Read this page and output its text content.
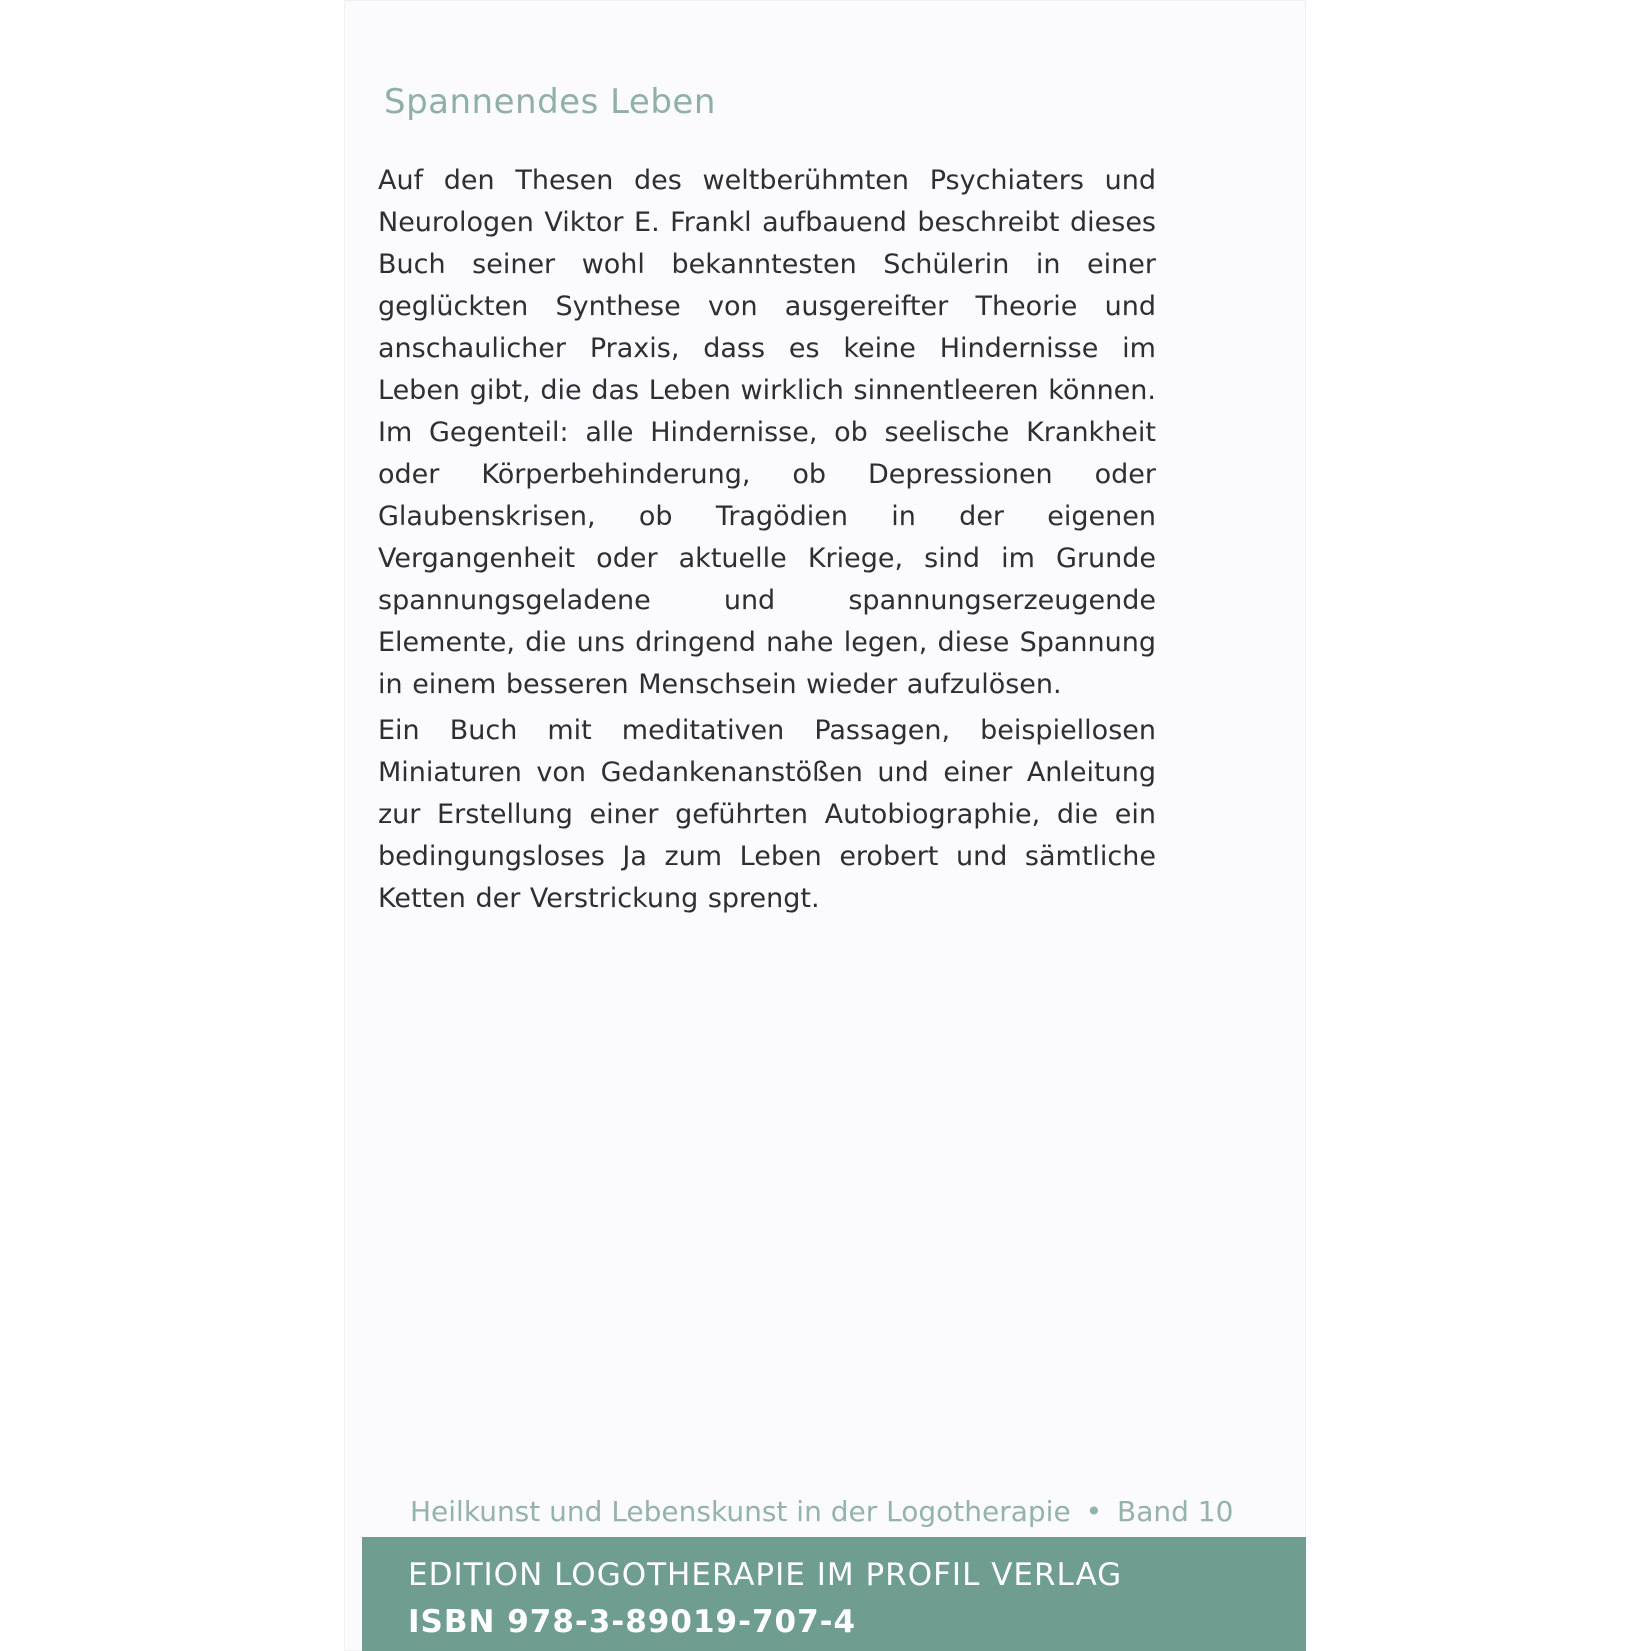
Spannendes Leben

Auf den Thesen des weltberühmten Psychiaters und Neurologen Viktor E. Frankl aufbauend beschreibt dieses Buch seiner wohl bekanntesten Schülerin in einer geglückten Synthese von ausgereifter Theorie und anschaulicher Praxis, dass es keine Hindernisse im Leben gibt, die das Leben wirklich sinnentleeren können. Im Gegenteil: alle Hindernisse, ob seelische Krankheit oder Körperbehinderung, ob Depressionen oder Glaubenskrisen, ob Tragödien in der eigenen Vergangenheit oder aktuelle Kriege, sind im Grunde spannungsgeladene und spannungserzeugende Elemente, die uns dringend nahe legen, diese Spannung in einem besseren Menschsein wieder aufzulösen.

Ein Buch mit meditativen Passagen, beispiellosen Miniaturen von Gedankenanstößen und einer Anleitung zur Erstellung einer geführten Autobiographie, die ein bedingungsloses Ja zum Leben erobert und sämtliche Ketten der Verstrickung sprengt.

Heilkunst und Lebenskunst in der Logotherapie • Band 10
EDITION LOGOTHERAPIE IM PROFIL VERLAG
ISBN 978-3-89019-707-4
